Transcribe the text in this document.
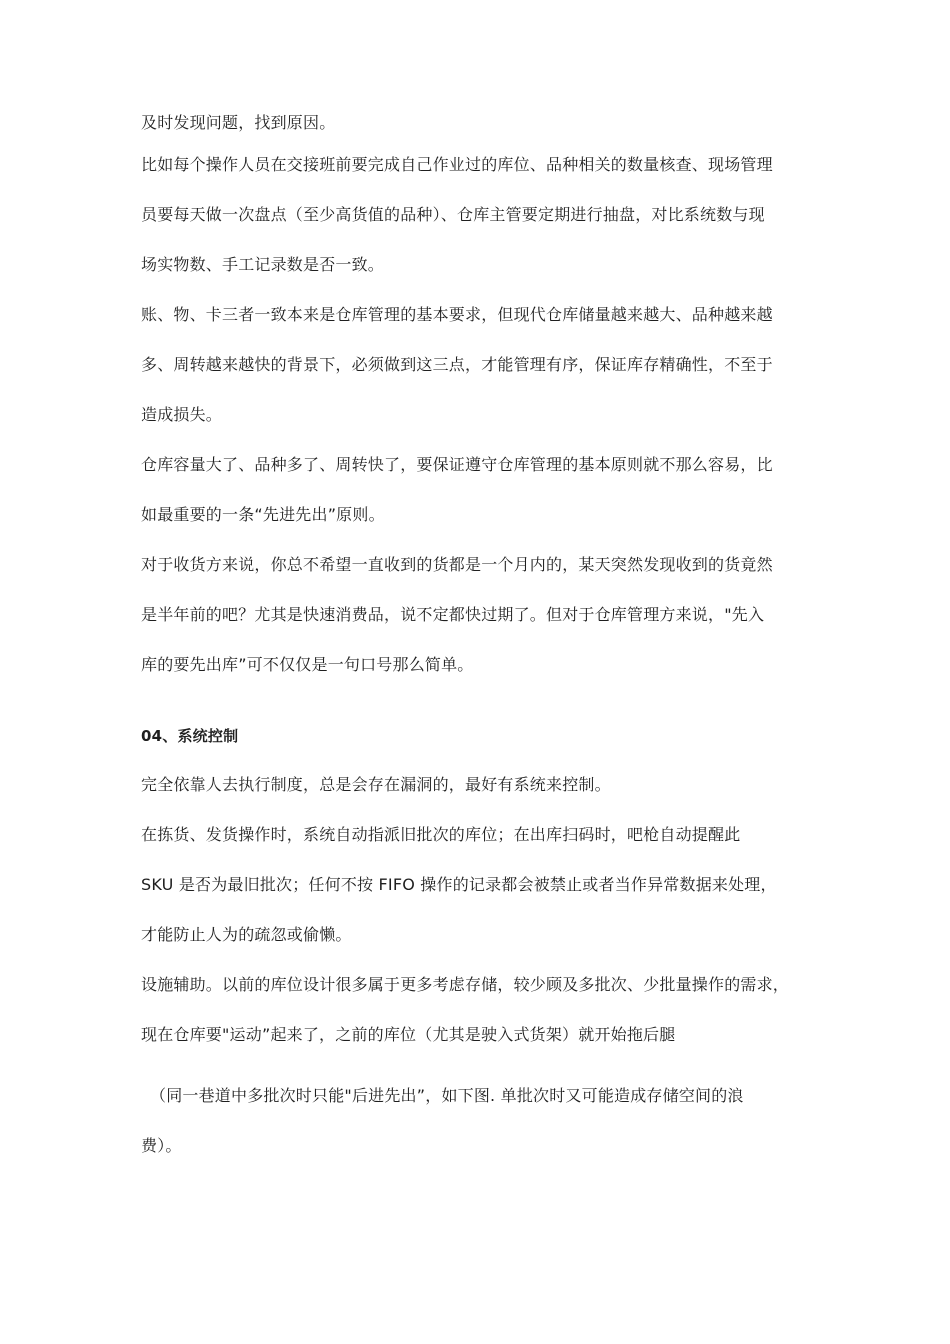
及时发现问题，找到原因。
比如每个操作人员在交接班前要完成自己作业过的库位、品种相关的数量核查、现场管理
员要每天做一次盘点（至少高货值的品种）、仓库主管要定期进行抽盘，对比系统数与现
场实物数、手工记录数是否一致。
账、物、卡三者一致本来是仓库管理的基本要求，但现代仓库储量越来越大、品种越来越
多、周转越来越快的背景下，必须做到这三点，才能管理有序，保证库存精确性，不至于
造成损失。
仓库容量大了、品种多了、周转快了，要保证遵守仓库管理的基本原则就不那么容易，比
如最重要的一条“先进先出”原则。
对于收货方来说，你总不希望一直收到的货都是一个月内的，某天突然发现收到的货竟然
是半年前的吧？尤其是快速消费品，说不定都快过期了。但对于仓库管理方来说，"先入
库的要先出库”可不仅仅是一句口号那么简单。
04、系统控制
完全依靠人去执行制度，总是会存在漏洞的，最好有系统来控制。
在拣货、发货操作时，系统自动指派旧批次的库位；在出库扫码时，吧枪自动提醒此
SKU 是否为最旧批次；任何不按 FIFO 操作的记录都会被禁止或者当作异常数据来处理，
才能防止人为的疏忽或偷懒。
设施辅助。以前的库位设计很多属于更多考虑存储，较少顾及多批次、少批量操作的需求，
现在仓库要"运动”起来了，之前的库位（尤其是驶入式货架）就开始拖后腿
（同一巷道中多批次时只能"后进先出”，如下图. 单批次时又可能造成存储空间的浪
费）。
